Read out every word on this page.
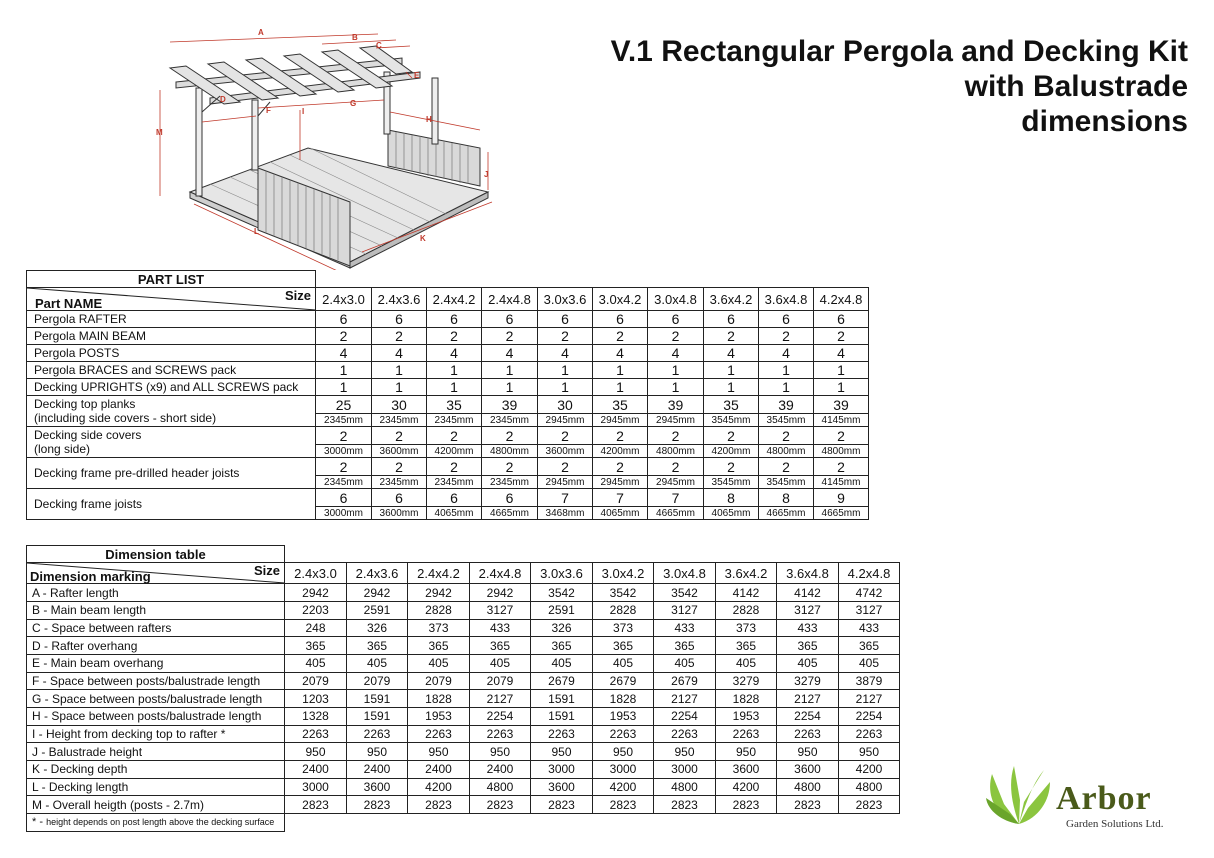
V.1 Rectangular Pergola and Decking Kit
with Balustrade
dimensions
A
B
C
D
E
F
G
H
I
J
L
K
M
PART LIST										

Size
Part NAME	2.4x3.0	2.4x3.6	2.4x4.2	2.4x4.8	3.0x3.6	3.0x4.2	3.0x4.8	3.6x4.2	3.6x4.8	4.2x4.8
Pergola RAFTER	6	6	6	6	6	6	6	6	6	6
Pergola MAIN BEAM	2	2	2	2	2	2	2	2	2	2
Pergola POSTS	4	4	4	4	4	4	4	4	4	4
Pergola BRACES and SCREWS pack	1	1	1	1	1	1	1	1	1	1
Decking UPRIGHTS (x9) and ALL SCREWS pack	1	1	1	1	1	1	1	1	1	1

Decking top planks
(including side covers - short side)	25	30	35	39	30	35	39	35	39	39
	2345mm	2345mm	2345mm	2345mm	2945mm	2945mm	2945mm	3545mm	3545mm	4145mm

Decking side covers
(long side)	2	2	2	2	2	2	2	2	2	2
	3000mm	3600mm	4200mm	4800mm	3600mm	4200mm	4800mm	4200mm	4800mm	4800mm

Decking frame pre-drilled header joists	2	2	2	2	2	2	2	2	2	2
	2345mm	2345mm	2345mm	2345mm	2945mm	2945mm	2945mm	3545mm	3545mm	4145mm

Decking frame joists	6	6	6	6	7	7	7	8	8	9
	3000mm	3600mm	4065mm	4665mm	3468mm	4065mm	4665mm	4065mm	4665mm	4665mm
Dimension table										

Size
Dimension marking	2.4x3.0	2.4x3.6	2.4x4.2	2.4x4.8	3.0x3.6	3.0x4.2	3.0x4.8	3.6x4.2	3.6x4.8	4.2x4.8
A - Rafter length	2942	2942	2942	2942	3542	3542	3542	4142	4142	4742
B - Main beam length	2203	2591	2828	3127	2591	2828	3127	2828	3127	3127
C - Space between rafters	248	326	373	433	326	373	433	373	433	433
D - Rafter overhang	365	365	365	365	365	365	365	365	365	365
E - Main beam overhang	405	405	405	405	405	405	405	405	405	405
F - Space between posts/balustrade length	2079	2079	2079	2079	2679	2679	2679	3279	3279	3879
G - Space between posts/balustrade length	1203	1591	1828	2127	1591	1828	2127	1828	2127	2127
H - Space between posts/balustrade length	1328	1591	1953	2254	1591	1953	2254	1953	2254	2254
I - Height from decking top to rafter *	2263	2263	2263	2263	2263	2263	2263	2263	2263	2263
J - Balustrade height	950	950	950	950	950	950	950	950	950	950
K - Decking depth	2400	2400	2400	2400	3000	3000	3000	3600	3600	4200
L - Decking length	3000	3600	4200	4800	3600	4200	4800	4200	4800	4800
M - Overall heigth (posts - 2.7m)	2823	2823	2823	2823	2823	2823	2823	2823	2823	2823
* - height depends on post length above the decking surface										
Arbor
Garden Solutions Ltd.
